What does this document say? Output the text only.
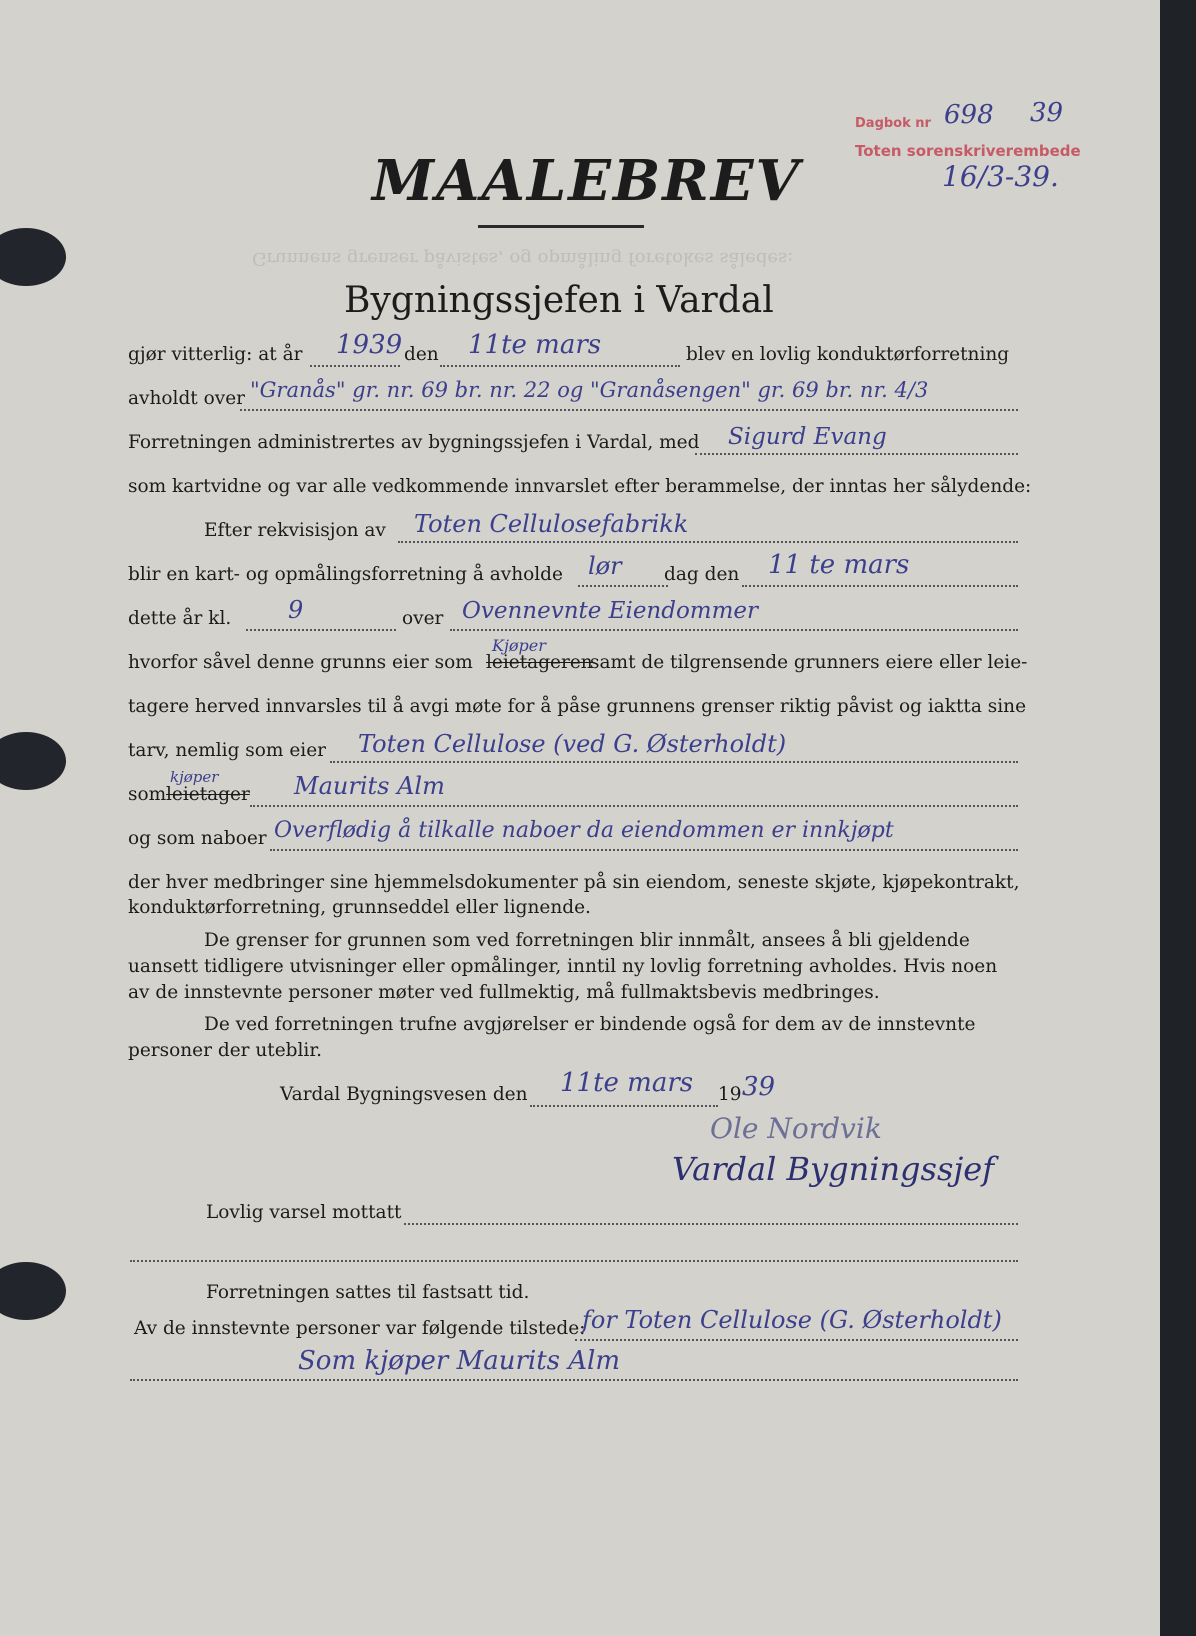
Dagbok nr 698 39
Toten sorenskriverembede
16/3-39.
MAALEBREV
Grunnens grenser påvistes, og opmåling foretokes således:
Bygningssjefen i Vardal
gjør vitterlig: at år 1939 den 11te mars	blev en lovlig konduktørforretning
avholdt over "Granås" gr. nr. 69 br. nr. 22 og "Granåsengen" gr. 69 br. nr. 4/3
Forretningen administrertes av bygningssjefen i Vardal, med Sigurd Evang
som kartvidne og var alle vedkommende innvarslet efter berammelse, der inntas her sålydende:
Efter rekvisisjon av Toten Cellulosefabrikk
blir en kart- og opmålingsforretning å avholde lør dag den 11 te mars
dette år kl. 9	over Ovennevnte Eiendommer
hvorfor såvel denne grunns eier som
Kjøper
leietageren
samt de tilgrensende grunners eiere eller leie-
tagere herved innvarsles til å avgi møte for å påse grunnens grenser riktig påvist og iaktta sine
tarv, nemlig som eier Toten Cellulose (ved G. Østerholdt)
som
kjøper
leietager Maurits Alm
og som naboer Overflødig å tilkalle naboer da eiendommen er innkjøpt
der hver medbringer sine hjemmelsdokumenter på sin eiendom, seneste skjøte, kjøpekontrakt,
konduktørforretning, grunnseddel eller lignende.
De grenser for grunnen som ved forretningen blir innmålt, ansees å bli gjeldende
uansett tidligere utvisninger eller opmålinger, inntil ny lovlig forretning avholdes. Hvis noen
av de innstevnte personer møter ved fullmektig, må fullmaktsbevis medbringes.
De ved forretningen trufne avgjørelser er bindende også for dem av de innstevnte
personer der uteblir.
Vardal Bygningsvesen den 11te mars 19 39
Ole Nordvik
Vardal Bygningssjef
Lovlig varsel mottatt
Forretningen sattes til fastsatt tid.
Av de innstevnte personer var følgende tilstede:
for Toten Cellulose (G. Østerholdt)
Som kjøper Maurits Alm
